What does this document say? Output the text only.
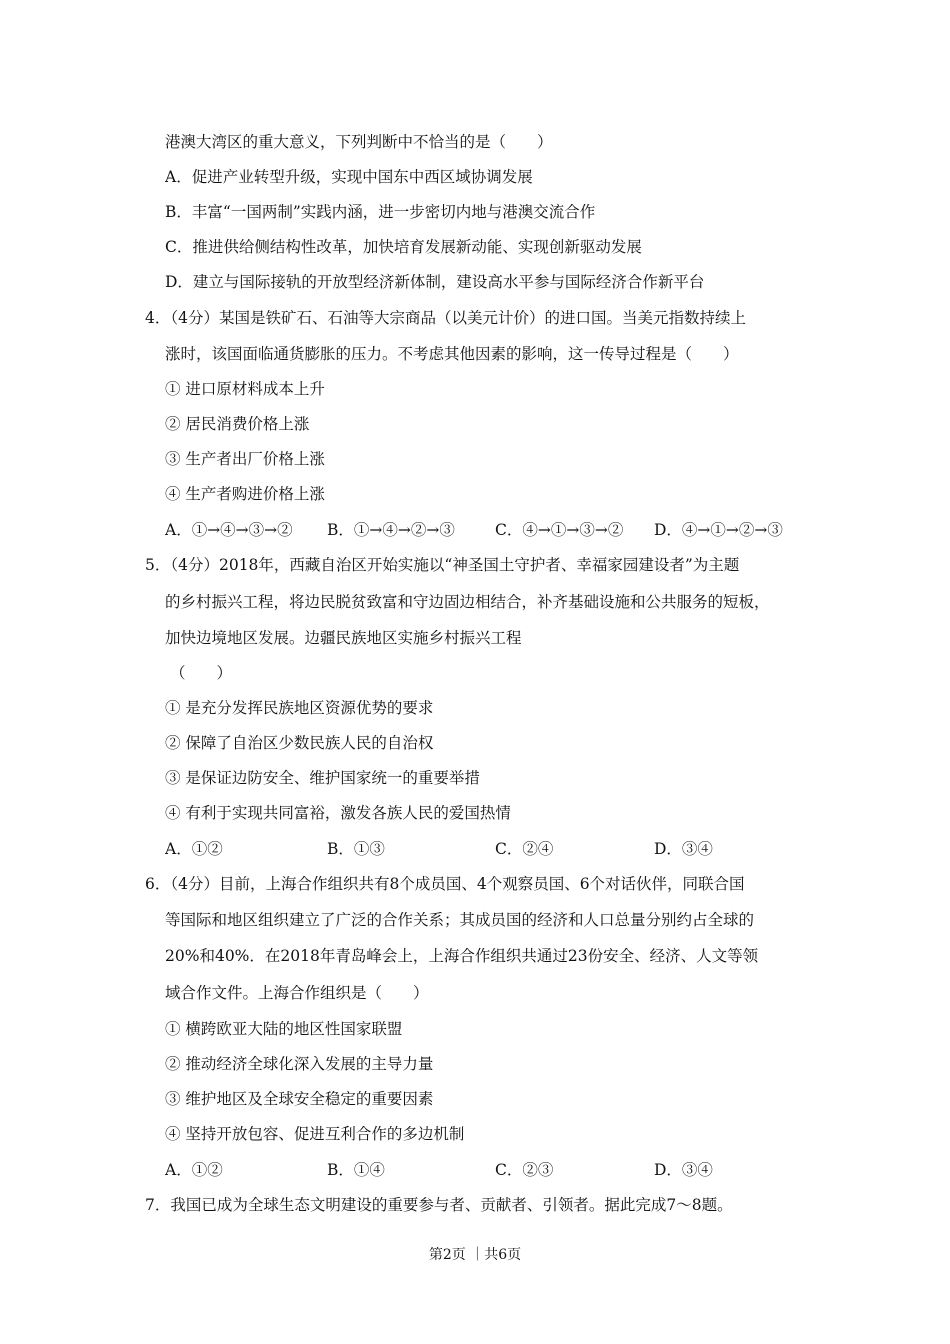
港澳大湾区的重大意义，下列判断中不恰当的是（　　）
A．促进产业转型升级，实现中国东中西区域协调发展
B．丰富“一国两制”实践内涵，进一步密切内地与港澳交流合作
C．推进供给侧结构性改革，加快培育发展新动能、实现创新驱动发展
D．建立与国际接轨的开放型经济新体制，建设高水平参与国际经济合作新平台
4．（4分）某国是铁矿石、石油等大宗商品（以美元计价）的进口国。当美元指数持续上
涨时，该国面临通货膨胀的压力。不考虑其他因素的影响，这一传导过程是（　　）
① 进口原材料成本上升
② 居民消费价格上涨
③ 生产者出厂价格上涨
④ 生产者购进价格上涨
A．①→④→③→② B．①→④→②→③	C．④→①→③→② D．④→①→②→③
5．（4分）2018年，西藏自治区开始实施以“神圣国土守护者、幸福家园建设者”为主题
的乡村振兴工程，将边民脱贫致富和守边固边相结合，补齐基础设施和公共服务的短板，
加快边境地区发展。边疆民族地区实施乡村振兴工程
（　　）
① 是充分发挥民族地区资源优势的要求
② 保障了自治区少数民族人民的自治权
③ 是保证边防安全、维护国家统一的重要举措
④ 有利于实现共同富裕，激发各族人民的爱国热情
A．①②	B．①③	C．②④	D．③④
6．（4分）目前，上海合作组织共有8个成员国、4个观察员国、6个对话伙伴，同联合国
等国际和地区组织建立了广泛的合作关系；其成员国的经济和人口总量分别约占全球的
20%和40%．在2018年青岛峰会上，上海合作组织共通过23份安全、经济、人文等领
域合作文件。上海合作组织是（　　）
① 横跨欧亚大陆的地区性国家联盟
② 推动经济全球化深入发展的主导力量
③ 维护地区及全球安全稳定的重要因素
④ 坚持开放包容、促进互利合作的多边机制
A．①②	B．①④	C．②③	D．③④
7．我国已成为全球生态文明建设的重要参与者、贡献者、引领者。据此完成7～8题。
第2页 ｜共6页
